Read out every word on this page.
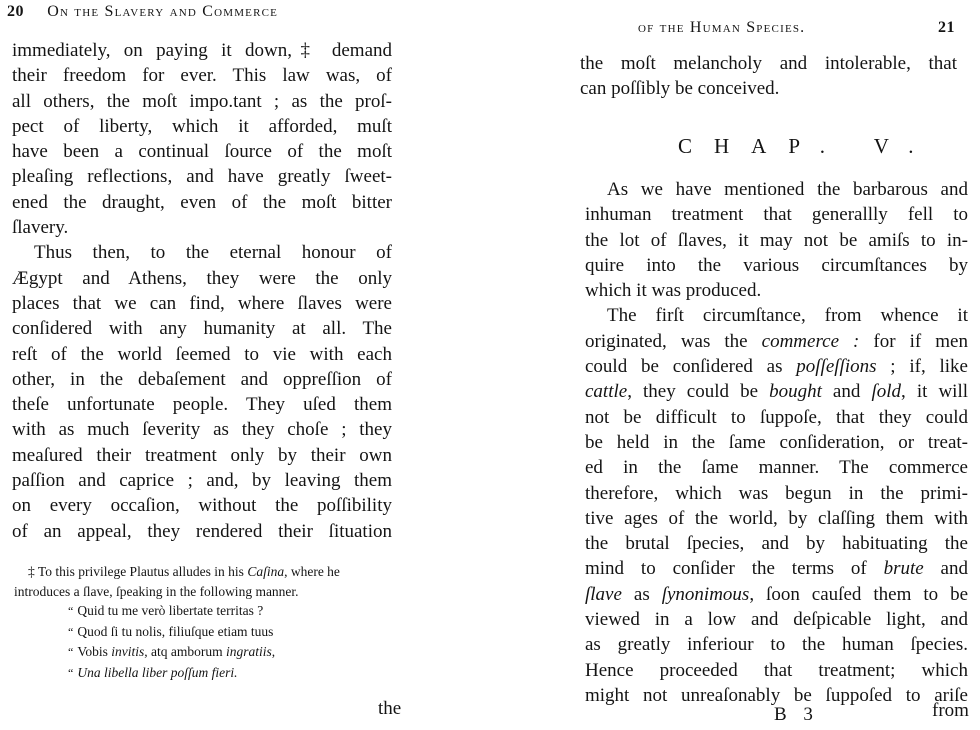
20 On the Slavery and Commerce
immediately, on paying it down,‡ demand
their freedom for ever. This law was, of
all others, the moſt impo.tant ; as the proſ-
pect of liberty, which it afforded, muſt
have been a continual ſource of the moſt
pleaſing reflections, and have greatly ſweet-
ened the draught, even of the moſt bitter
ſlavery.
Thus then, to the eternal honour of
Ægypt and Athens, they were the only
places that we can find, where ſlaves were
conſidered with any humanity at all. The
reſt of the world ſeemed to vie with each
other, in the debaſement and oppreſſion of
theſe unfortunate people. They uſed them
with as much ſeverity as they choſe ; they
meaſured their treatment only by their own
paſſion and caprice ; and, by leaving them
on every occaſion, without the poſſibility
of an appeal, they rendered their ſituation
‡ To this privilege Plautus alludes in his Caſina, where he
introduces a ſlave, ſpeaking in the following manner.
“ Quid tu me verò libertate territas ?
“ Quod ſi tu nolis, filiuſque etiam tuus
“ Vobis invitis, atq amborum ingratiis,
“ Una libella liber poſſum fieri.
the
of the Human Species.	21
the moſt melancholy and intolerable, that
can poſſibly be conceived.
CHAP. V.
As we have mentioned the barbarous and
inhuman treatment that generallly fell to
the lot of ſlaves, it may not be amiſs to in-
quire into the various circumſtances by
which it was produced.
The firſt circumſtance, from whence it
originated, was the commerce : for if men
could be conſidered as poſſeſſions ; if, like
cattle, they could be bought and ſold, it will
not be difficult to ſuppoſe, that they could
be held in the ſame conſideration, or treat-
ed in the ſame manner. The commerce
therefore, which was begun in the primi-
tive ages of the world, by claſſing them with
the brutal ſpecies, and by habituating the
mind to conſider the terms of brute and
ſlave as ſynonimous, ſoon cauſed them to be
viewed in a low and deſpicable light, and
as greatly inferiour to the human ſpecies.
Hence proceeded that treatment; which
might not unreaſonably be ſuppoſed to ariſe
B 3	from
